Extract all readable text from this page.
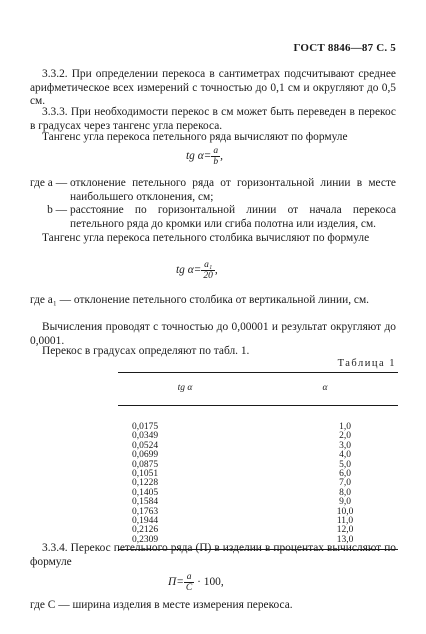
ГОСТ 8846—87 С. 5
3.3.2. При определении перекоса в сантиметрах подсчитывают среднее арифметическое всех измерений с точностью до 0,1 см и округляют до 0,5 см.
3.3.3. При необходимости перекос в см может быть переведен в перекос в градусах через тангенс угла перекоса.
Тангенс угла перекоса петельного ряда вычисляют по формуле
tg $\alpha= \frac{a}{b}$ ,
где a — отклонение петельного ряда от горизонтальной линии в месте наибольшего отклонения, см;
b — расстояние по горизонтальной линии от начала перекоса петельного ряда до кромки или сгиба полотна или изделия, см.
Тангенс угла перекоса петельного столбика вычисляют по формуле
tg $\alpha= \frac{\text{a₁}}{20}$ ,
где a₁ — отклонение петельного столбика от вертикальной линии, см.
Вычисления проводят с точностью до 0,00001 и результат округляют до 0,0001.
Перекос в градусах определяют по табл. 1.
Таблица 1
tg α	α
0,0175	1,0
0,0349	2,0
0,0524	3,0
0,0699	4,0
0,0875	5,0
0,1051	6,0
0,1228	7,0
0,1405	8,0
0,1584	9,0
0,1763	10,0
0,1944	11,0
0,2126	12,0
0,2309	13,0
3.3.4. Перекос петельного ряда (П) в изделии в процентах вычисляют по формуле
$П= \frac{a}{C} \cdot 100$,
где C — ширина изделия в месте измерения перекоса.
